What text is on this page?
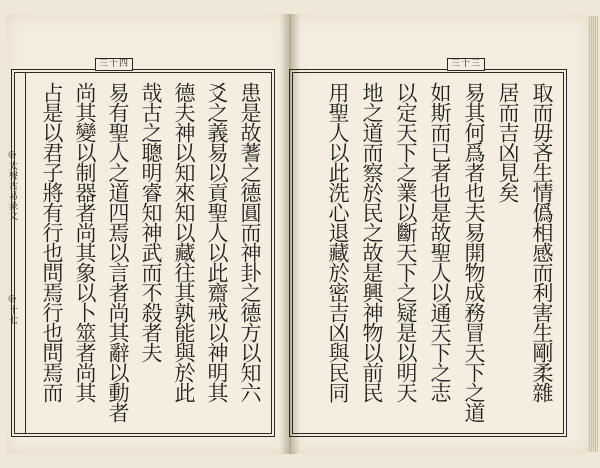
三十四	三十三
◎太聲古易彖文
◎十七	患是故蓍之德圓而神卦之德方以知六
爻之義易以貢聖人以此齋戒以神明其
德夫神以知來知以藏往其孰能與於此
哉古之聰明睿知神武而不殺者夫
易有聖人之道四焉以言者尚其辭以動者
尚其變以制器者尚其象以卜筮者尚其
占是以君子將有行也問焉行也問焉而	取而毋吝生情僞相感而利害生剛柔雜
居而吉凶見矣
易其何爲者也夫易開物成務冒天下之道
如斯而已者也是故聖人以通天下之志
以定天下之業以斷天下之疑是以明天
地之道而察於民之故是興神物以前民
用聖人以此洗心退藏於密吉凶與民同
